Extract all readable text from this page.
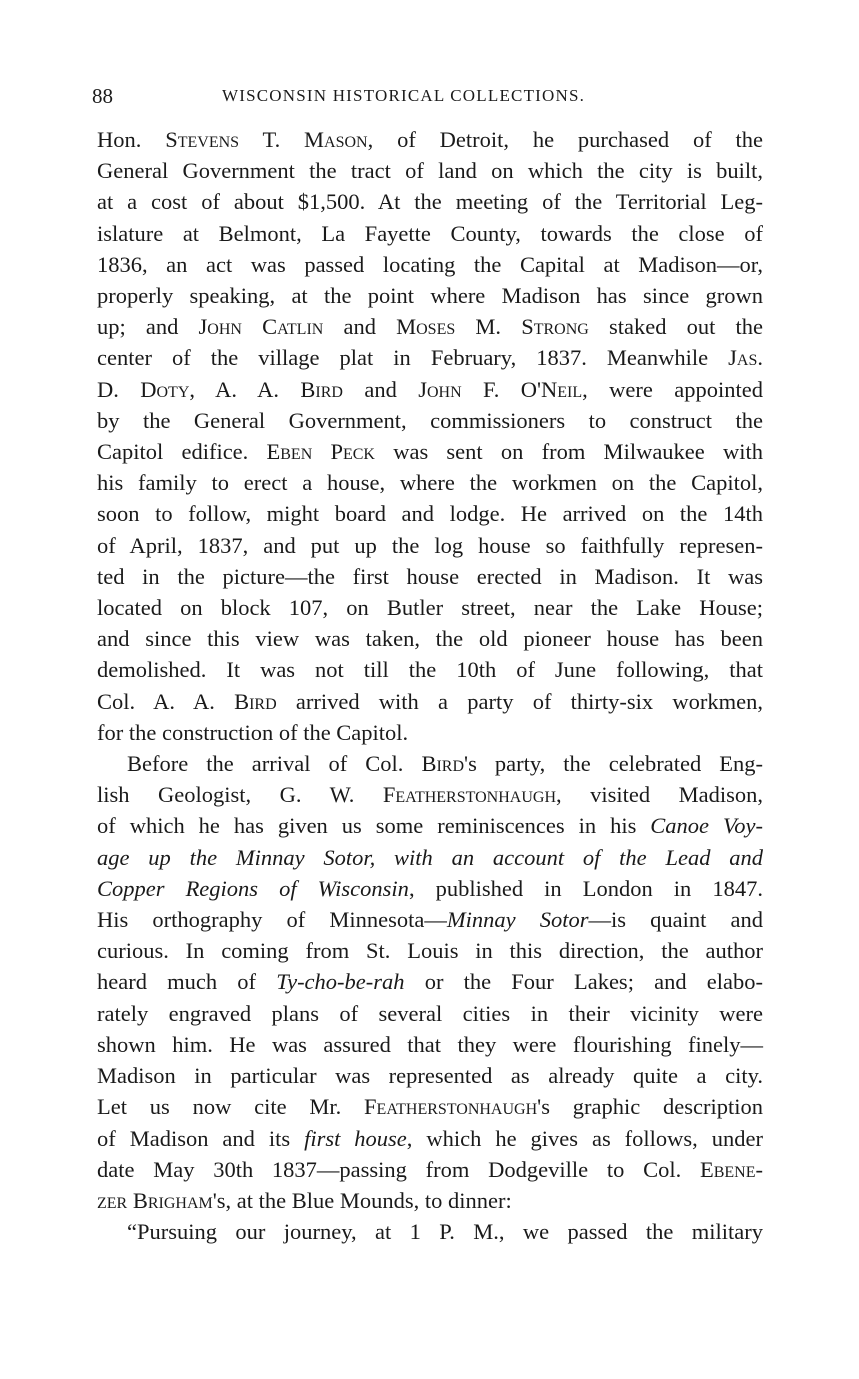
88	WISCONSIN HISTORICAL COLLECTIONS.
Hon. Stevens T. Mason, of Detroit, he purchased of the
General Government the tract of land on which the city is built,
at a cost of about $1,500. At the meeting of the Territorial Leg-
islature at Belmont, La Fayette County, towards the close of
1836, an act was passed locating the Capital at Madison—or,
properly speaking, at the point where Madison has since grown
up; and John Catlin and Moses M. Strong staked out the
center of the village plat in February, 1837. Meanwhile Jas.
D. Doty, A. A. Bird and John F. O'Neil, were appointed
by the General Government, commissioners to construct the
Capitol edifice. Eben Peck was sent on from Milwaukee with
his family to erect a house, where the workmen on the Capitol,
soon to follow, might board and lodge. He arrived on the 14th
of April, 1837, and put up the log house so faithfully represen-
ted in the picture—the first house erected in Madison. It was
located on block 107, on Butler street, near the Lake House;
and since this view was taken, the old pioneer house has been
demolished. It was not till the 10th of June following, that
Col. A. A. Bird arrived with a party of thirty-six workmen,
for the construction of the Capitol.
Before the arrival of Col. Bird's party, the celebrated Eng-
lish Geologist, G. W. Featherstonhaugh, visited Madison,
of which he has given us some reminiscences in his Canoe Voy-
age up the Minnay Sotor, with an account of the Lead and
Copper Regions of Wisconsin, published in London in 1847.
His orthography of Minnesota—Minnay Sotor—is quaint and
curious. In coming from St. Louis in this direction, the author
heard much of Ty-cho-be-rah or the Four Lakes; and elabo-
rately engraved plans of several cities in their vicinity were
shown him. He was assured that they were flourishing finely—
Madison in particular was represented as already quite a city.
Let us now cite Mr. Featherstonhaugh's graphic description
of Madison and its first house, which he gives as follows, under
date May 30th 1837—passing from Dodgeville to Col. Ebene-
zer Brigham's, at the Blue Mounds, to dinner:
“Pursuing our journey, at 1 P. M., we passed the military
